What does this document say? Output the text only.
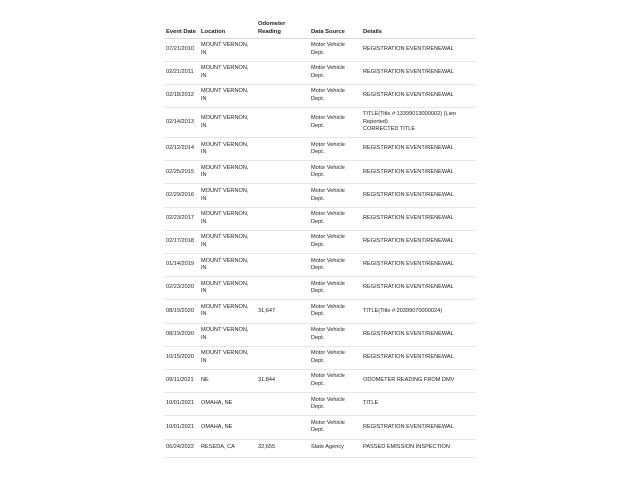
Event Date	Location	Odometer Reading	Data Source	Details
07/21/2010	MOUNT VERNON, IN		Motor Vehicle Dept.	REGISTRATION EVENT/RENEWAL

02/21/2011	MOUNT VERNON, IN		Motor Vehicle Dept.	REGISTRATION EVENT/RENEWAL

02/18/2012	MOUNT VERNON, IN		Motor Vehicle Dept.	REGISTRATION EVENT/RENEWAL

02/14/2013	MOUNT VERNON, IN		Motor Vehicle Dept.	TITLE(Title #:13399013000002) (Lien Reported)
CORRECTED TITLE

02/12/2014	MOUNT VERNON, IN		Motor Vehicle Dept.	REGISTRATION EVENT/RENEWAL

02/25/2015	MOUNT VERNON, IN		Motor Vehicle Dept.	REGISTRATION EVENT/RENEWAL

02/29/2016	MOUNT VERNON, IN		Motor Vehicle Dept.	REGISTRATION EVENT/RENEWAL

02/23/2017	MOUNT VERNON, IN		Motor Vehicle Dept.	REGISTRATION EVENT/RENEWAL

02/17/2018	MOUNT VERNON, IN		Motor Vehicle Dept.	REGISTRATION EVENT/RENEWAL

01/14/2019	MOUNT VERNON, IN		Motor Vehicle Dept.	REGISTRATION EVENT/RENEWAL

02/23/2020	MOUNT VERNON, IN		Motor Vehicle Dept.	REGISTRATION EVENT/RENEWAL

08/19/2020	MOUNT VERNON, IN	31,647	Motor Vehicle Dept.	TITLE(Title #:20399070000024)

08/19/2020	MOUNT VERNON, IN		Motor Vehicle Dept.	REGISTRATION EVENT/RENEWAL

10/15/2020	MOUNT VERNON, IN		Motor Vehicle Dept.	REGISTRATION EVENT/RENEWAL

09/11/2021	NE	31,844	Motor Vehicle Dept.	ODOMETER READING FROM DMV

10/01/2021	OMAHA, NE		Motor Vehicle Dept.	TITLE

10/01/2021	OMAHA, NE		Motor Vehicle Dept.	REGISTRATION EVENT/RENEWAL

06/24/2022	RESEDA, CA	32,655	State Agency	PASSED EMISSION INSPECTION
